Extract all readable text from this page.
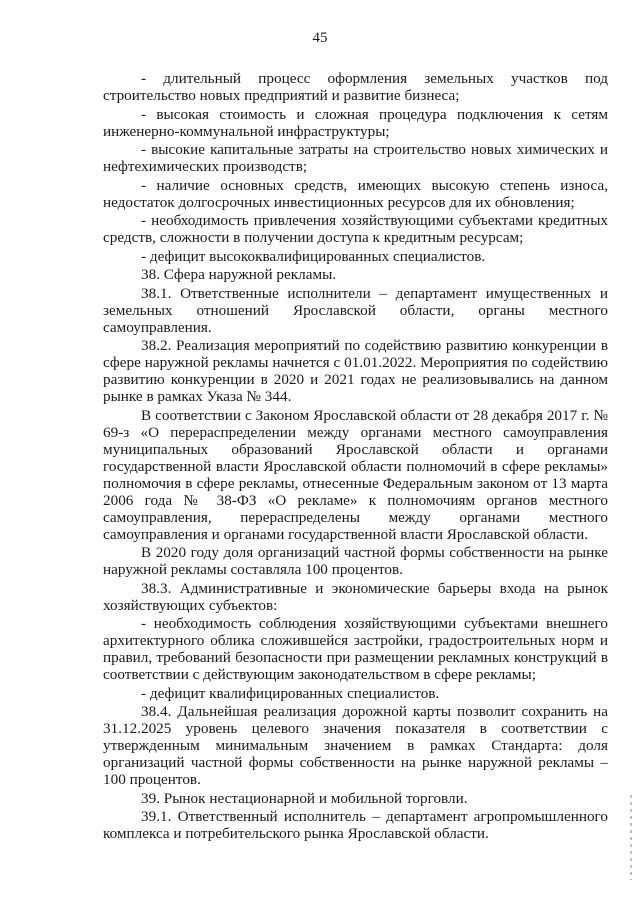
45

- длительный процесс оформления земельных участков под строительство новых предприятий и развитие бизнеса;

- высокая стоимость и сложная процедура подключения к сетям инженерно-коммунальной инфраструктуры;

- высокие капитальные затраты на строительство новых химических и нефтехимических производств;

- наличие основных средств, имеющих высокую степень износа, недостаток долгосрочных инвестиционных ресурсов для их обновления;

- необходимость привлечения хозяйствующими субъектами кредитных средств, сложности в получении доступа к кредитным ресурсам;

- дефицит высококвалифицированных специалистов.

38. Сфера наружной рекламы.

38.1. Ответственные исполнители – департамент имущественных и земельных отношений Ярославской области, органы местного самоуправления.

38.2. Реализация мероприятий по содействию развитию конкуренции в сфере наружной рекламы начнется с 01.01.2022. Мероприятия по содействию развитию конкуренции в 2020 и 2021 годах не реализовывались на данном рынке в рамках Указа № 344.

В соответствии с Законом Ярославской области от 28 декабря 2017 г. № 69-з «О перераспределении между органами местного самоуправления муниципальных образований Ярославской области и органами государственной власти Ярославской области полномочий в сфере рекламы» полномочия в сфере рекламы, отнесенные Федеральным законом от 13 марта 2006 года № 38-ФЗ «О рекламе» к полномочиям органов местного самоуправления, перераспределены между органами местного самоуправления и органами государственной власти Ярославской области.

В 2020 году доля организаций частной формы собственности на рынке наружной рекламы составляла 100 процентов.

38.3. Административные и экономические барьеры входа на рынок хозяйствующих субъектов:

- необходимость соблюдения хозяйствующими субъектами внешнего архитектурного облика сложившейся застройки, градостроительных норм и правил, требований безопасности при размещении рекламных конструкций в соответствии с действующим законодательством в сфере рекламы;

- дефицит квалифицированных специалистов.

38.4. Дальнейшая реализация дорожной карты позволит сохранить на 31.12.2025 уровень целевого значения показателя в соответствии с утвержденным минимальным значением в рамках Стандарта: доля организаций частной формы собственности на рынке наружной рекламы – 100 процентов.

39. Рынок нестационарной и мобильной торговли.

39.1. Ответственный исполнитель – департамент агропромышленного комплекса и потребительского рынка Ярославской области.
